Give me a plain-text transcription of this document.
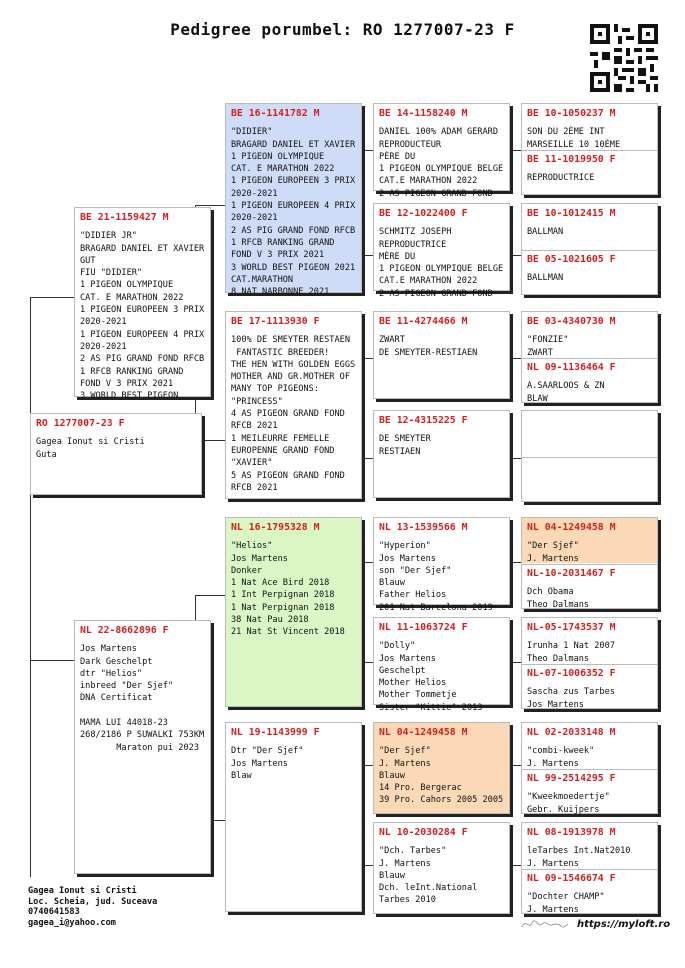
Pedigree porumbel: RO 1277007-23 F
RO 1277007-23 F
Gagea Ionut si Cristi
Guta
BE 21-1159427 M
"DIDIER JR"
BRAGARD DANIEL ET XAVIER GUT
FIU "DIDIER"
1 PIGEON OLYMPIQUE
CAT. E MARATHON 2022
1 PIGEON EUROPEEN 3 PRIX 2020-2021
1 PIGEON EUROPEEN 4 PRIX 2020-2021
2 AS PIG GRAND FOND RFCB
1 RFCB RANKING GRAND FOND V 3 PRIX 2021
3 WORLD BEST PIGEON
NL 22-8662896 F
Jos Martens
Dark Geschelpt
dtr "Helios"
inbreed "Der Sjef"
DNA Certificat

MAMA LUI 44018-23
268/2186 P SUWALKI 753KM
Maraton pui 2023
BE 16-1141782 M
"DIDIER"
BRAGARD DANIEL ET XAVIER
1 PIGEON OLYMPIQUE
CAT. E MARATHON 2022
1 PIGEON EUROPEEN 3 PRIX 2020-2021
1 PIGEON EUROPEEN 4 PRIX 2020-2021
2 AS PIG GRAND FOND RFCB
1 RFCB RANKING GRAND FOND V 3 PRIX 2021
3 WORLD BEST PIGEON 2021 CAT.MARATHON
8 NAT NARBONNE 2021
BE 17-1113930 F
100% DE SMEYTER RESTAEN
FANTASTIC BREEDER!
THE HEN WITH GOLDEN EGGS
MOTHER AND GR.MOTHER OF MANY TOP PIGEONS:
"PRINCESS"
4 AS PIGEON GRAND FOND RFCB 2021
1 MEILEURRE FEMELLE EUROPENNE GRAND FOND
"XAVIER"
5 AS PIGEON GRAND FOND RFCB 2021
NL 16-1795328 M
"Helios"
Jos Martens
Donker
1 Nat Ace Bird 2018
1 Int Perpignan 2018
1 Nat Perpignan 2018
38 Nat Pau 2018
21 Nat St Vincent 2018
NL 19-1143999 F
Dtr "Der Sjef"
Jos Martens
Blaw
BE 14-1158240 M
DANIEL 100% ADAM GERARD
REPRODUCTEUR
PÈRE DU
1 PIGEON OLYMPIQUE BELGE
CAT.E MARATHON 2022
2 AS PIGEON GRAND FOND
BE 12-1022400 F
SCHMITZ JOSEPH
REPRODUCTRICE
MÈRE DU
1 PIGEON OLYMPIQUE BELGE
CAT.E MARATHON 2022
2 AS PIGEON GRAND FOND
BE 11-4274466 M
ZWART
DE SMEYTER-RESTIAEN
BE 12-4315225 F
DE SMEYTER
RESTIAEN
NL 13-1539566 M
"Hyperion"
Jos Martens
son "Der Sjef"
Blauw
Father Helios
201 Nat Barcelona 2019
NL 11-1063724 F
"Dolly"
Jos Martens
Geschelpt
Mother Helios
Mother Tommetje
Sister "Kittie" 2013
NL 04-1249458 M
"Der Sjef"
J. Martens
Blauw
14 Pro. Bergerac
39 Pro. Cahors 2005 2005
NL 10-2030284 F
"Dch. Tarbes"
J. Martens
Blauw
Dch. leInt.National
Tarbes 2010
BE 10-1050237 M
SON DU 2ÈME INT
MARSEILLE 10 10ÈME
BE 11-1019950 F
REPRODUCTRICE
BE 10-1012415 M
BALLMAN
BE 05-1021605 F
BALLMAN
BE 03-4340730 M
"FONZIE"
ZWART
NL 09-1136464 F
A.SAARLOOS & ZN
BLAW
NL 04-1249458 M
"Der Sjef"
J. Martens
NL-10-2031467 F
Dch Obama
Theo Dalmans
NL-05-1743537 M
Irunha 1 Nat 2007
Theo Dalmans
NL-07-1006352 F
Sascha zus Tarbes
Jos Martens
NL 02-2033148 M
"combi-kweek"
J. Martens
NL 99-2514295 F
"Kweekmoedertje"
Gebr. Kuijpers
NL 08-1913978 M
leTarbes Int.Nat2010
J. Martens
NL 09-1546674 F
"Dochter CHAMP"
J. Martens
Gagea Ionut si Cristi
Loc. Scheia, jud. Suceava
0740641583
gagea_i@yahoo.com	https://myloft.ro
